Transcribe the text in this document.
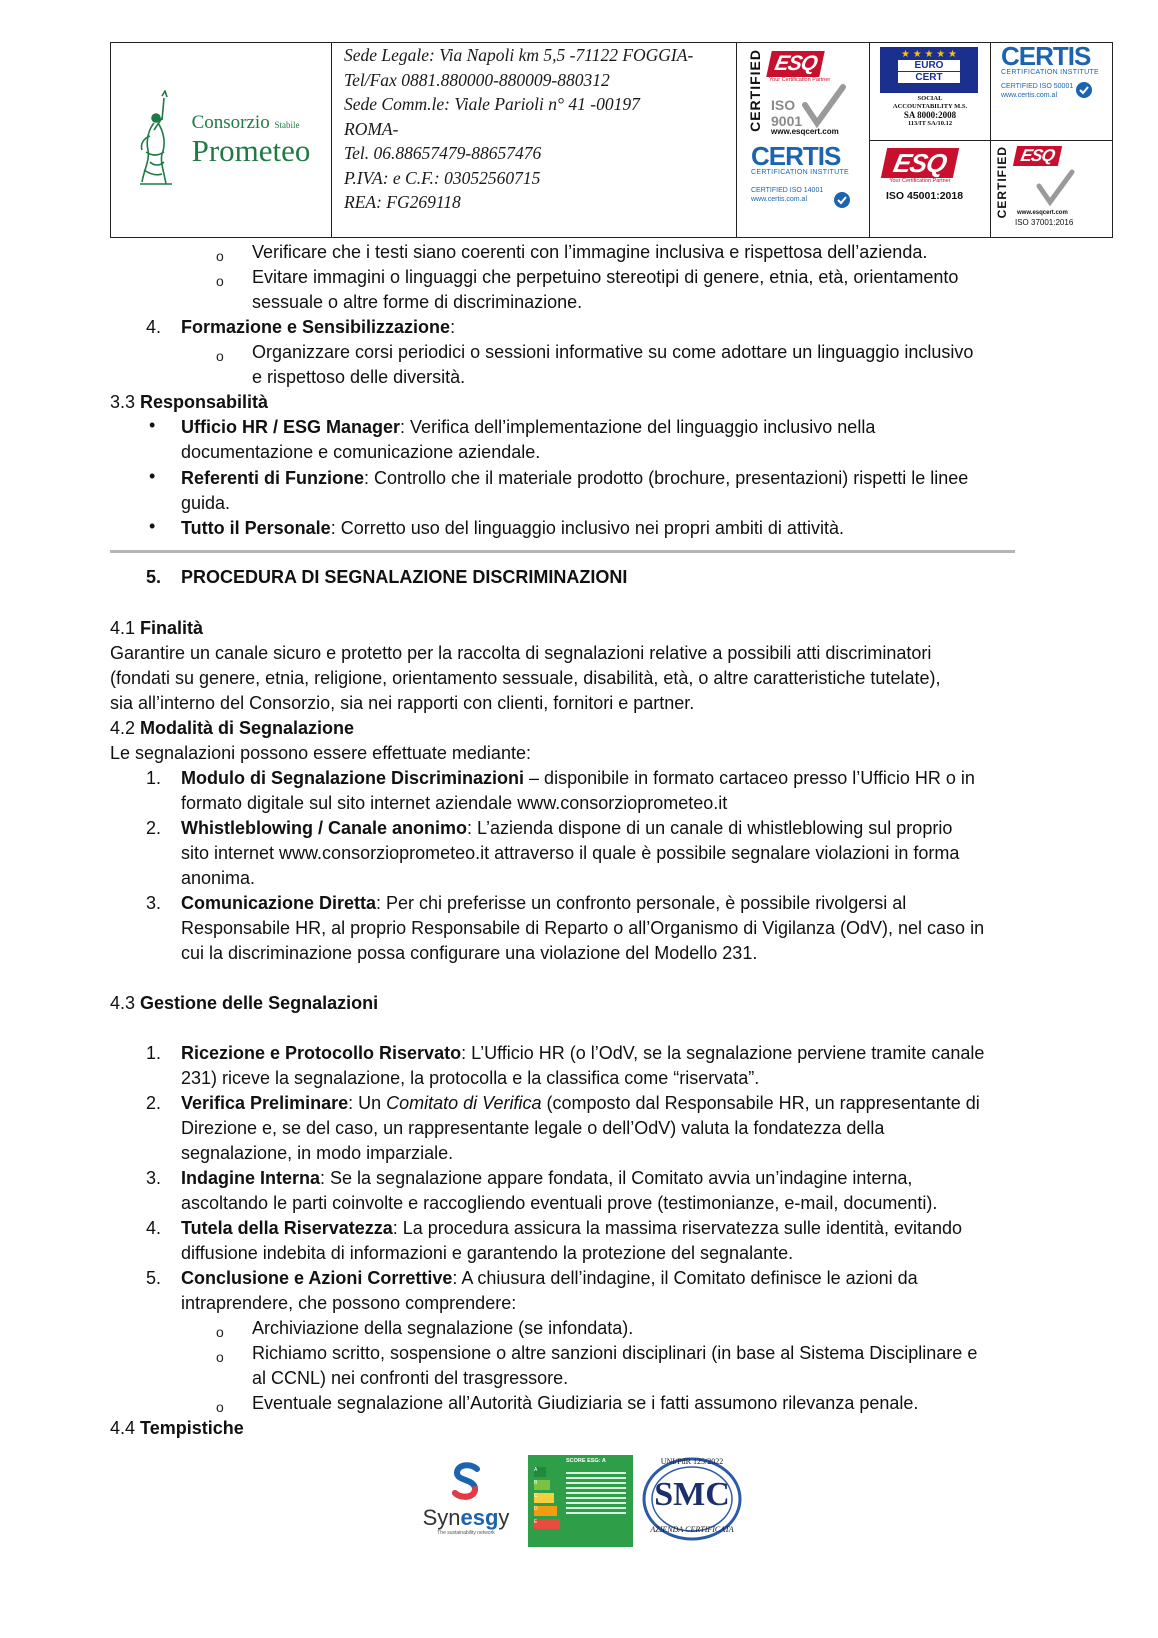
Consorzio Stabile
Prometeo
Sede Legale: Via Napoli km 5,5 -71122 FOGGIA-
Tel/Fax 0881.880000-880009-880312
Sede Comm.le: Viale Parioli n° 41 -00197
ROMA-
Tel. 06.88657479-88657476
P.IVA: e C.F.: 03052560715
REA: FG269118
CERTIFIED ESQ
Your Certification Partner
ISO
9001
www.esqcert.com
★ ★ ★ ★ ★
EURO
CERT
SOCIAL
ACCOUNTABILITY M.S.
SA 8000:2008
113/IT SA/10.12
CERTIS
CERTIFICATION INSTITUTE
CERTIFIED ISO 50001
www.certis.com.al
ESQ
Your Certification Partner
ISO 45001:2018	CERTIFIED ESQ
www.esqcert.com
ISO 37001:2016
CERTIS
CERTIFICATION INSTITUTE
CERTIFIED ISO 14001
www.certis.com.al
o Verificare che i testi siano coerenti con l’immagine inclusiva e rispettosa dell’azienda.
o Evitare immagini o linguaggi che perpetuino stereotipi di genere, etnia, età, orientamento
sessuale o altre forme di discriminazione.
4. Formazione e Sensibilizzazione:
o Organizzare corsi periodici o sessioni informative su come adottare un linguaggio inclusivo
e rispettoso delle diversità.
3.3 Responsabilità
• Ufficio HR / ESG Manager: Verifica dell’implementazione del linguaggio inclusivo nella
documentazione e comunicazione aziendale.
• Referenti di Funzione: Controllo che il materiale prodotto (brochure, presentazioni) rispetti le linee
guida.
• Tutto il Personale: Corretto uso del linguaggio inclusivo nei propri ambiti di attività.
5. PROCEDURA DI SEGNALAZIONE DISCRIMINAZIONI
4.1 Finalità
Garantire un canale sicuro e protetto per la raccolta di segnalazioni relative a possibili atti discriminatori
(fondati su genere, etnia, religione, orientamento sessuale, disabilità, età, o altre caratteristiche tutelate),
sia all’interno del Consorzio, sia nei rapporti con clienti, fornitori e partner.
4.2 Modalità di Segnalazione
Le segnalazioni possono essere effettuate mediante:
1. Modulo di Segnalazione Discriminazioni – disponibile in formato cartaceo presso l’Ufficio HR o in
formato digitale sul sito internet aziendale www.consorzioprometeo.it
2. Whistleblowing / Canale anonimo: L’azienda dispone di un canale di whistleblowing sul proprio
sito internet www.consorzioprometeo.it attraverso il quale è possibile segnalare violazioni in forma
anonima.
3. Comunicazione Diretta: Per chi preferisse un confronto personale, è possibile rivolgersi al
Responsabile HR, al proprio Responsabile di Reparto o all’Organismo di Vigilanza (OdV), nel caso in
cui la discriminazione possa configurare una violazione del Modello 231.
4.3 Gestione delle Segnalazioni
1. Ricezione e Protocollo Riservato: L’Ufficio HR (o l’OdV, se la segnalazione perviene tramite canale
231) riceve la segnalazione, la protocolla e la classifica come “riservata”.
2. Verifica Preliminare: Un Comitato di Verifica (composto dal Responsabile HR, un rappresentante di
Direzione e, se del caso, un rappresentante legale o dell’OdV) valuta la fondatezza della
segnalazione, in modo imparziale.
3. Indagine Interna: Se la segnalazione appare fondata, il Comitato avvia un’indagine interna,
ascoltando le parti coinvolte e raccogliendo eventuali prove (testimonianze, e-mail, documenti).
4. Tutela della Riservatezza: La procedura assicura la massima riservatezza sulle identità, evitando
diffusione indebita di informazioni e garantendo la protezione del segnalante.
5. Conclusione e Azioni Correttive: A chiusura dell’indagine, il Comitato definisce le azioni da
intraprendere, che possono comprendere:
o Archiviazione della segnalazione (se infondata).
o Richiamo scritto, sospensione o altre sanzioni disciplinari (in base al Sistema Disciplinare e
al CCNL) nei confronti del trasgressore.
o Eventuale segnalazione all’Autorità Giudiziaria se i fatti assumono rilevanza penale.
4.4 Tempistiche
Synesgy
The sustainability network
SCORE ESG: A
A
B
C
D
E
UNI/PdR 125/2022
SMC
AZIENDA CERTIFICATA
